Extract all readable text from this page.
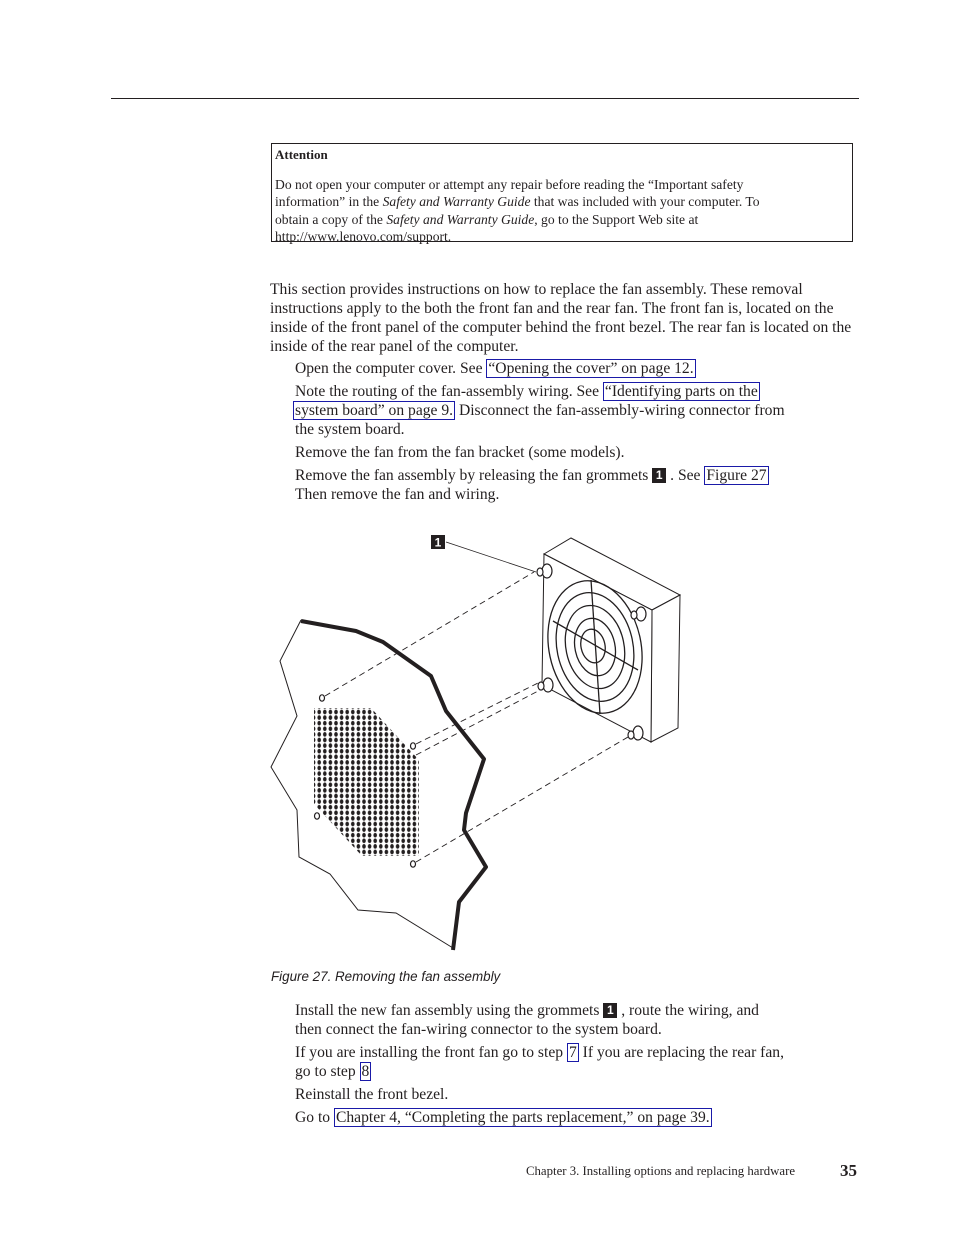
Attention
Do not open your computer or attempt any repair before reading the “Important safety
information” in the Safety and Warranty Guide that was included with your computer. To
obtain a copy of the Safety and Warranty Guide, go to the Support Web site at
http://www.lenovo.com/support.
This section provides instructions on how to replace the fan assembly. These removal instructions apply to the both the front fan and the rear fan. The front fan is, located on the inside of the front panel of the computer behind the front bezel. The rear fan is located on the inside of the rear panel of the computer.
Open the computer cover. See “Opening the cover” on page 12.
Note the routing of the fan-assembly wiring. See “Identifying parts on the
system board” on page 9. Disconnect the fan-assembly-wiring connector from
the system board.
Remove the fan from the fan bracket (some models).
Remove the fan assembly by releasing the fan grommets 1 . See Figure 27
Then remove the fan and wiring.
1
Figure 27. Removing the fan assembly
Install the new fan assembly using the grommets 1 , route the wiring, and
then connect the fan-wiring connector to the system board.
If you are installing the front fan go to step 7 If you are replacing the rear fan,
go to step 8
Reinstall the front bezel.
Go to Chapter 4, “Completing the parts replacement,” on page 39.
Chapter 3. Installing options and replacing hardware	35
